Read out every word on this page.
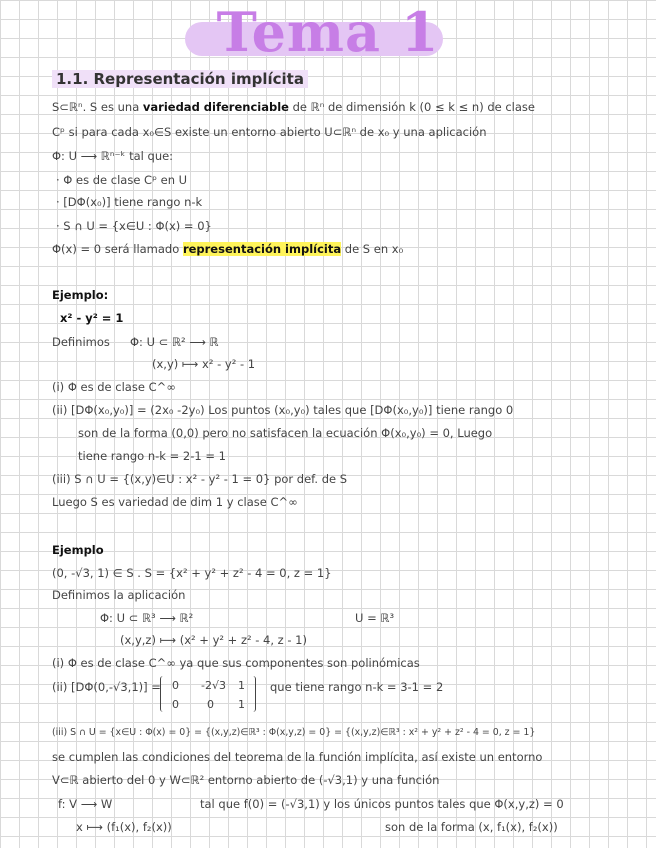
Tema 1
1.1. Representación implícita
S⊂ℝⁿ. S es una variedad diferenciable de ℝⁿ de dimensión k (0 ≤ k ≤ n) de clase
Cᵖ si para cada x₀∈S existe un entorno abierto U⊂ℝⁿ de x₀ y una aplicación
Φ: U ⟶ ℝⁿ⁻ᵏ tal que:
· Φ es de clase Cᵖ en U
· [DΦ(x₀)] tiene rango n-k
· S ∩ U = {x∈U : Φ(x) = 0}
Φ(x) = 0 será llamado representación implícita de S en x₀
Ejemplo:
x² - y² = 1
Definimos Φ: U ⊂ ℝ² ⟶ ℝ
(x,y) ⟼ x² - y² - 1
(i) Φ es de clase C^∞
(ii) [DΦ(x₀,y₀)] = (2x₀ -2y₀) Los puntos (x₀,y₀) tales que [DΦ(x₀,y₀)] tiene rango 0
son de la forma (0,0) pero no satisfacen la ecuación Φ(x₀,y₀) = 0, Luego
tiene rango n-k = 2-1 = 1
(iii) S ∩ U = {(x,y)∈U : x² - y² - 1 = 0} por def. de S
Luego S es variedad de dim 1 y clase C^∞
Ejemplo
(0, -√3, 1) ∈ S . S = {x² + y² + z² - 4 = 0, z = 1}
Definimos la aplicación
Φ: U ⊂ ℝ³ ⟶ ℝ²	U = ℝ³
(x,y,z) ⟼ (x² + y² + z² - 4, z - 1)
(i) Φ es de clase C^∞ ya que sus componentes son polinómicas
(ii) [DΦ(0,-√3,1)] = 0 -2√3 1
0	0 1
que tiene rango n-k = 3-1 = 2
(iii) S ∩ U = {x∈U : Φ(x) = 0} = {(x,y,z)∈ℝ³ : Φ(x,y,z) = 0} = {(x,y,z)∈ℝ³ : x² + y² + z² - 4 = 0, z = 1}
se cumplen las condiciones del teorema de la función implícita, así existe un entorno
V⊂ℝ abierto del 0 y W⊂ℝ² entorno abierto de (-√3,1) y una función
f: V ⟶ W	tal que f(0) = (-√3,1) y los únicos puntos tales que Φ(x,y,z) = 0
x ⟼ (f₁(x), f₂(x))	son de la forma (x, f₁(x), f₂(x))
